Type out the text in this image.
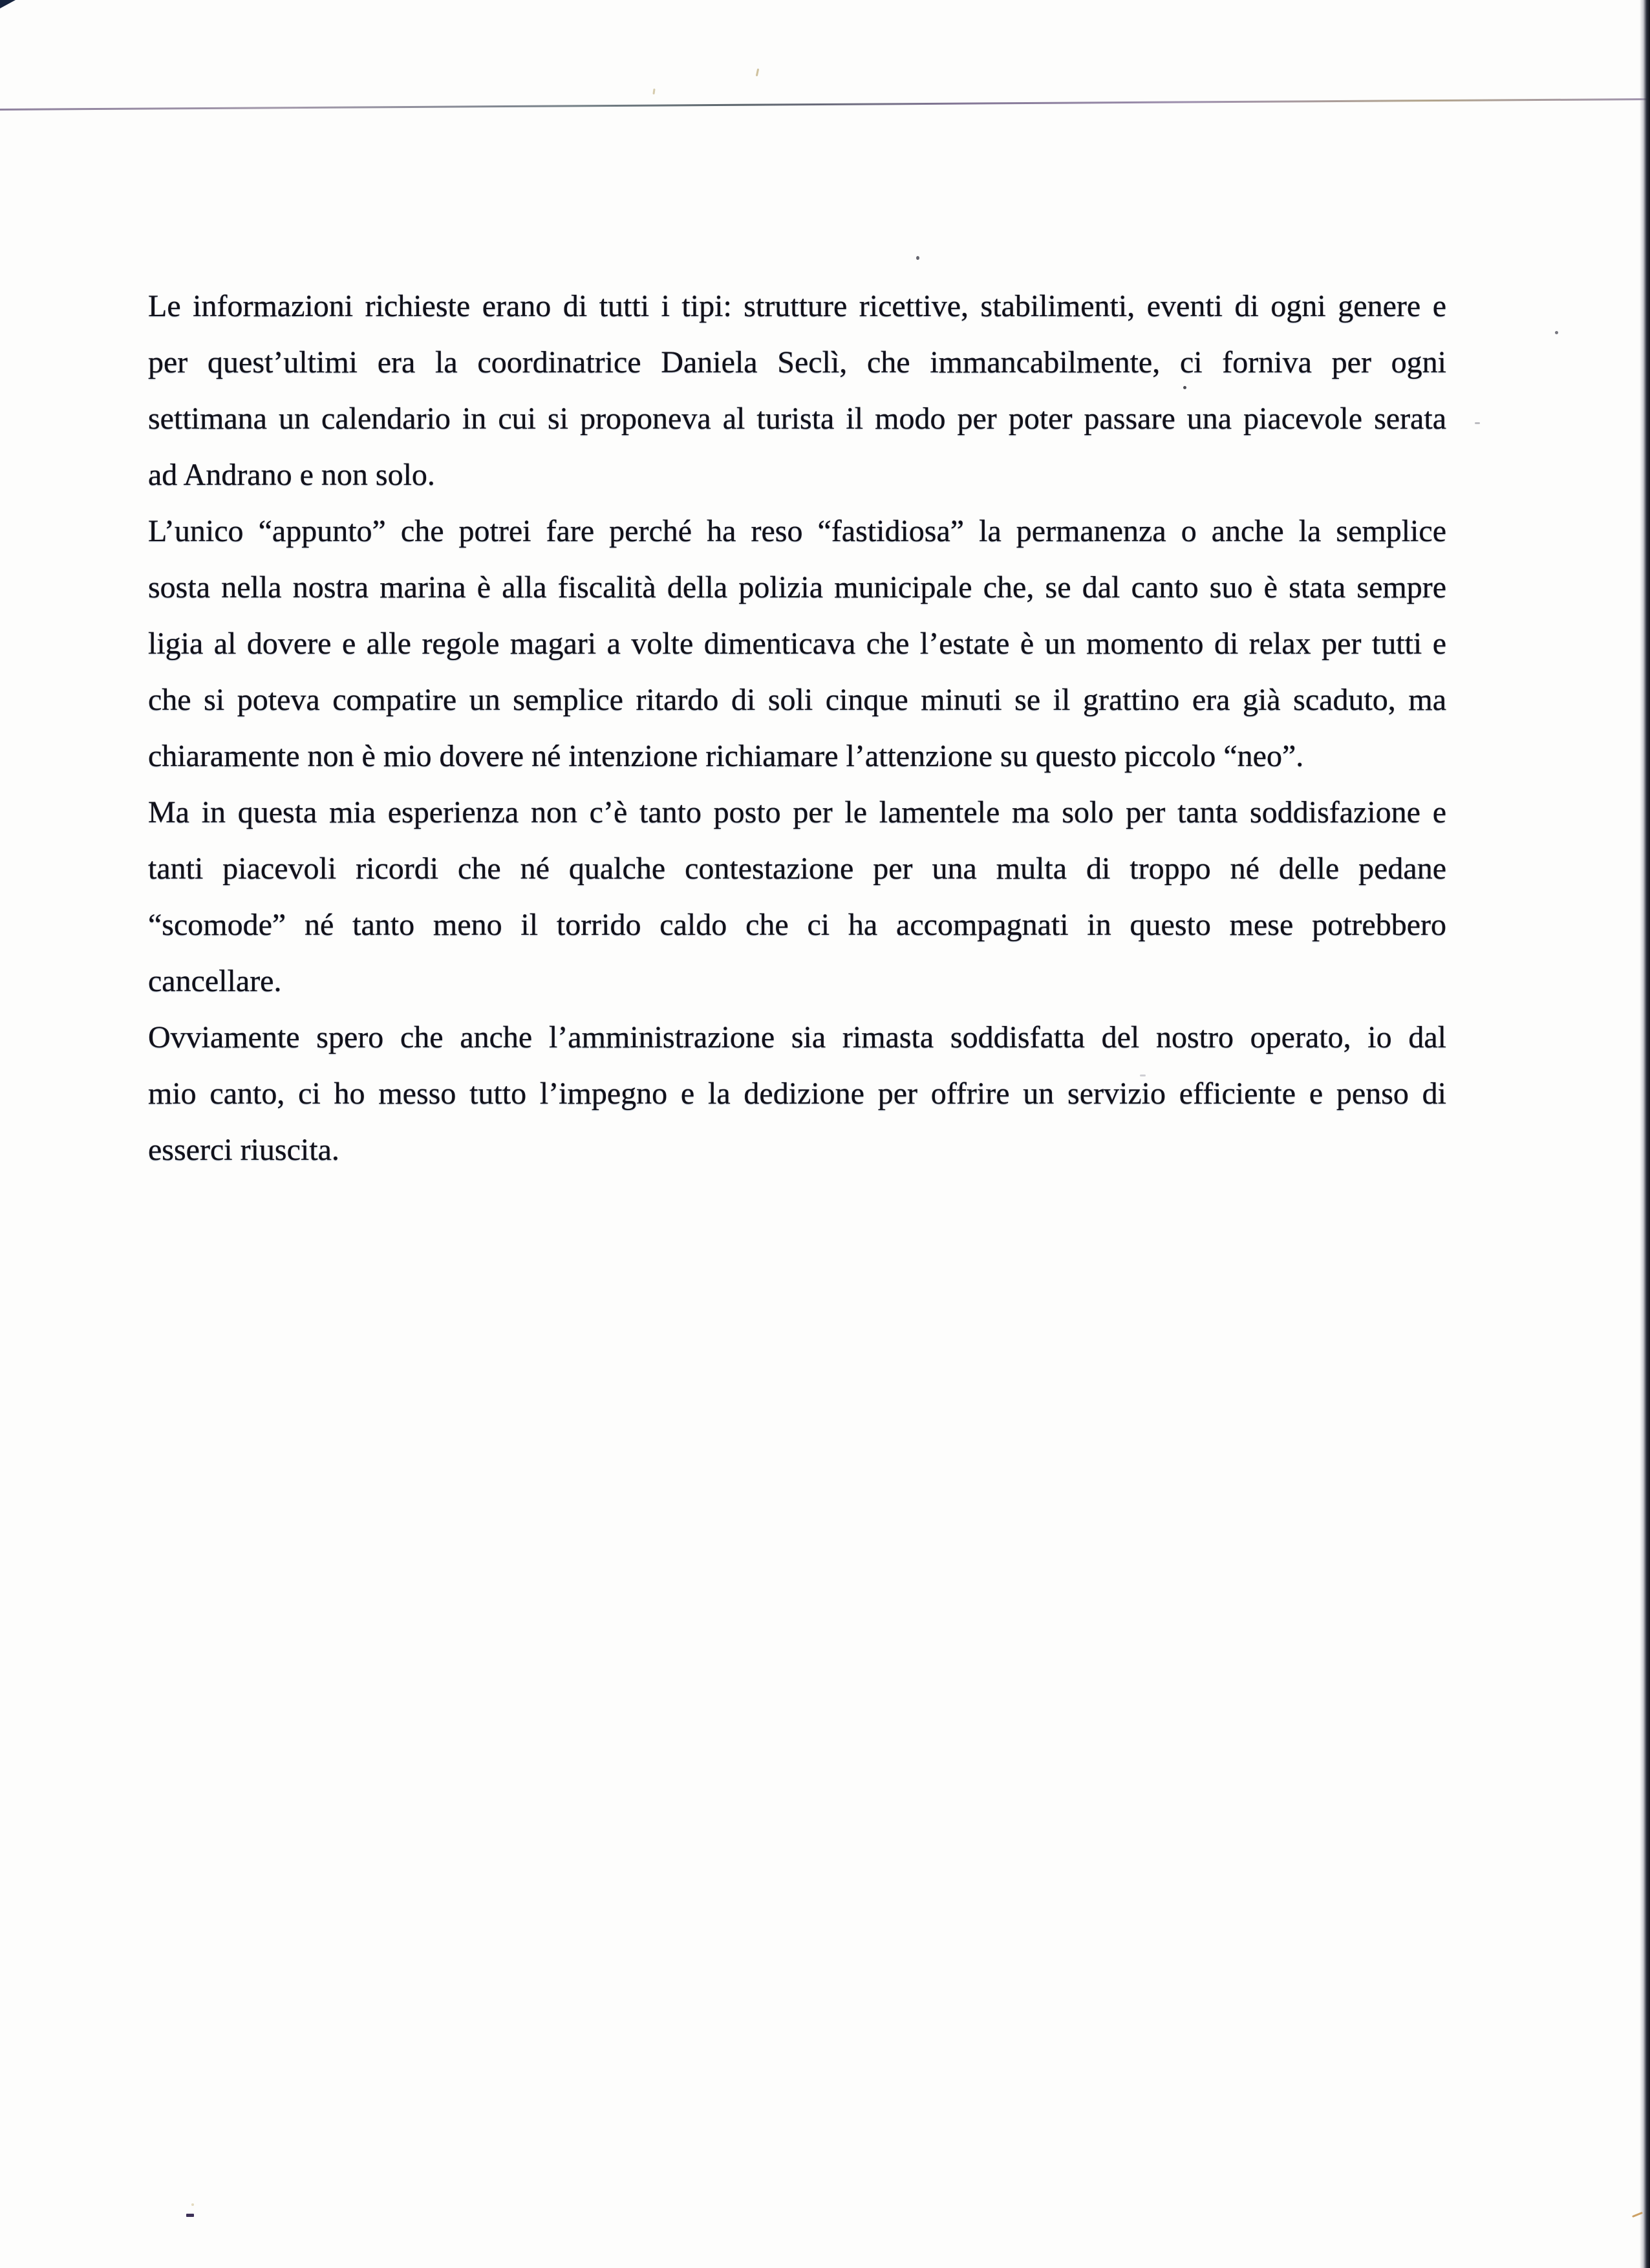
Le informazioni richieste erano di tutti i tipi: strutture ricettive, stabilimenti, eventi di ogni genere e

per quest’ultimi era la coordinatrice Daniela Seclì, che immancabilmente, ci forniva per ogni

settimana un calendario in cui si proponeva al turista il modo per poter passare una piacevole serata

ad Andrano e non solo.

L’unico “appunto” che potrei fare perché ha reso “fastidiosa” la permanenza o anche la semplice

sosta nella nostra marina è alla fiscalità della polizia municipale che, se dal canto suo è stata sempre

ligia al dovere e alle regole magari a volte dimenticava che l’estate è un momento di relax per tutti e

che si poteva compatire un semplice ritardo di soli cinque minuti se il grattino era già scaduto, ma

chiaramente non è mio dovere né intenzione richiamare l’attenzione su questo piccolo “neo”.

Ma in questa mia esperienza non c’è tanto posto per le lamentele ma solo per tanta soddisfazione e

tanti piacevoli ricordi che né qualche contestazione per una multa di troppo né delle pedane

“scomode” né tanto meno il torrido caldo che ci ha accompagnati in questo mese potrebbero

cancellare.

Ovviamente spero che anche l’amministrazione sia rimasta soddisfatta del nostro operato, io dal

mio canto, ci ho messo tutto l’impegno e la dedizione per offrire un servizio efficiente e penso di

esserci riuscita.
